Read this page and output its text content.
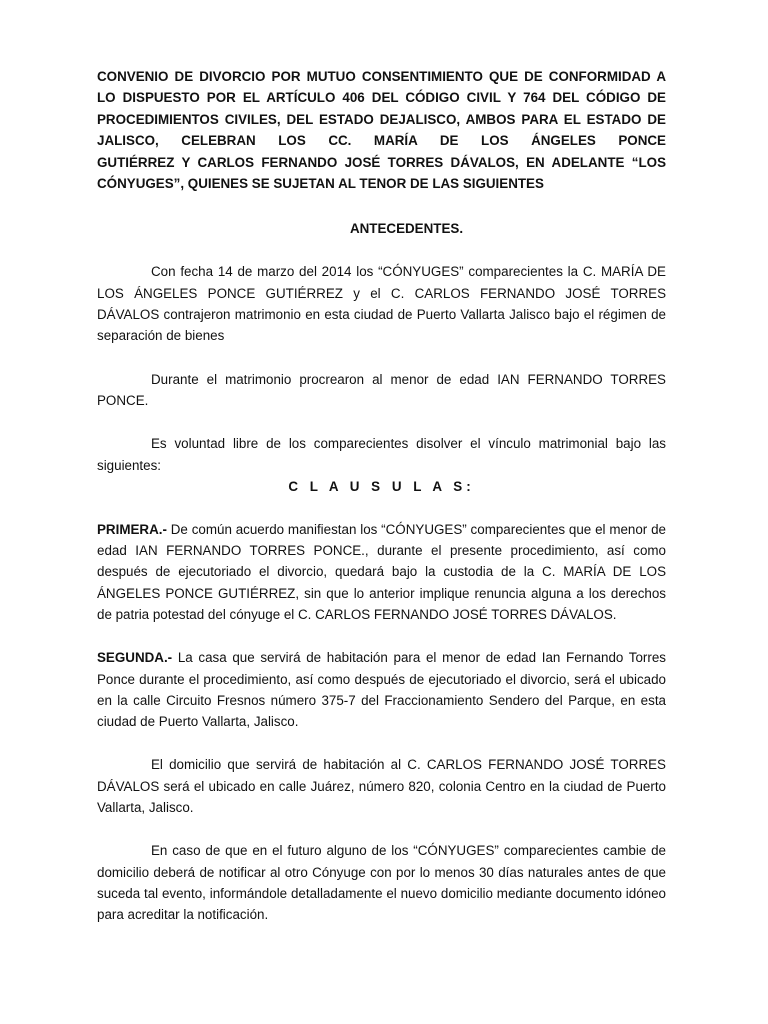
CONVENIO DE DIVORCIO POR MUTUO CONSENTIMIENTO QUE DE CONFORMIDAD A LO DISPUESTO POR EL ARTÍCULO 406 DEL CÓDIGO CIVIL Y 764 DEL CÓDIGO DE PROCEDIMIENTOS CIVILES, DEL ESTADO DEJALISCO, AMBOS PARA EL ESTADO DE JALISCO, CELEBRAN LOS CC. MARÍA DE LOS ÁNGELES PONCE
GUTIÉRREZ Y CARLOS FERNANDO JOSÉ TORRES DÁVALOS, EN ADELANTE “LOS CÓNYUGES”, QUIENES SE SUJETAN AL TENOR DE LAS SIGUIENTES

ANTECEDENTES.

Con fecha 14 de marzo del 2014 los “CÓNYUGES” comparecientes la C. MARÍA DE LOS ÁNGELES PONCE GUTIÉRREZ y el C. CARLOS FERNANDO JOSÉ TORRES DÁVALOS contrajeron matrimonio en esta ciudad de Puerto Vallarta Jalisco bajo el régimen de separación de bienes

Durante el matrimonio procrearon al menor de edad IAN FERNANDO TORRES PONCE.

Es voluntad libre de los comparecientes disolver el vínculo matrimonial bajo las siguientes:

C L A U S U L A S:

PRIMERA.- De común acuerdo manifiestan los “CÓNYUGES” comparecientes que el menor de edad IAN FERNANDO TORRES PONCE., durante el presente procedimiento, así como después de ejecutoriado el divorcio, quedará bajo la custodia de la C. MARÍA DE LOS ÁNGELES PONCE GUTIÉRREZ, sin que lo anterior implique renuncia alguna a los derechos de patria potestad del cónyuge el C. CARLOS FERNANDO JOSÉ TORRES DÁVALOS.

SEGUNDA.- La casa que servirá de habitación para el menor de edad Ian Fernando Torres Ponce durante el procedimiento, así como después de ejecutoriado el divorcio, será el ubicado en la calle Circuito Fresnos número 375-7 del Fraccionamiento Sendero del Parque, en esta ciudad de Puerto Vallarta, Jalisco.

El domicilio que servirá de habitación al C. CARLOS FERNANDO JOSÉ TORRES DÁVALOS será el ubicado en calle Juárez, número 820, colonia Centro en la ciudad de Puerto Vallarta, Jalisco.

En caso de que en el futuro alguno de los “CÓNYUGES” comparecientes cambie de domicilio deberá de notificar al otro Cónyuge con por lo menos 30 días naturales antes de que suceda tal evento, informándole detalladamente el nuevo domicilio mediante documento idóneo para acreditar la notificación.
